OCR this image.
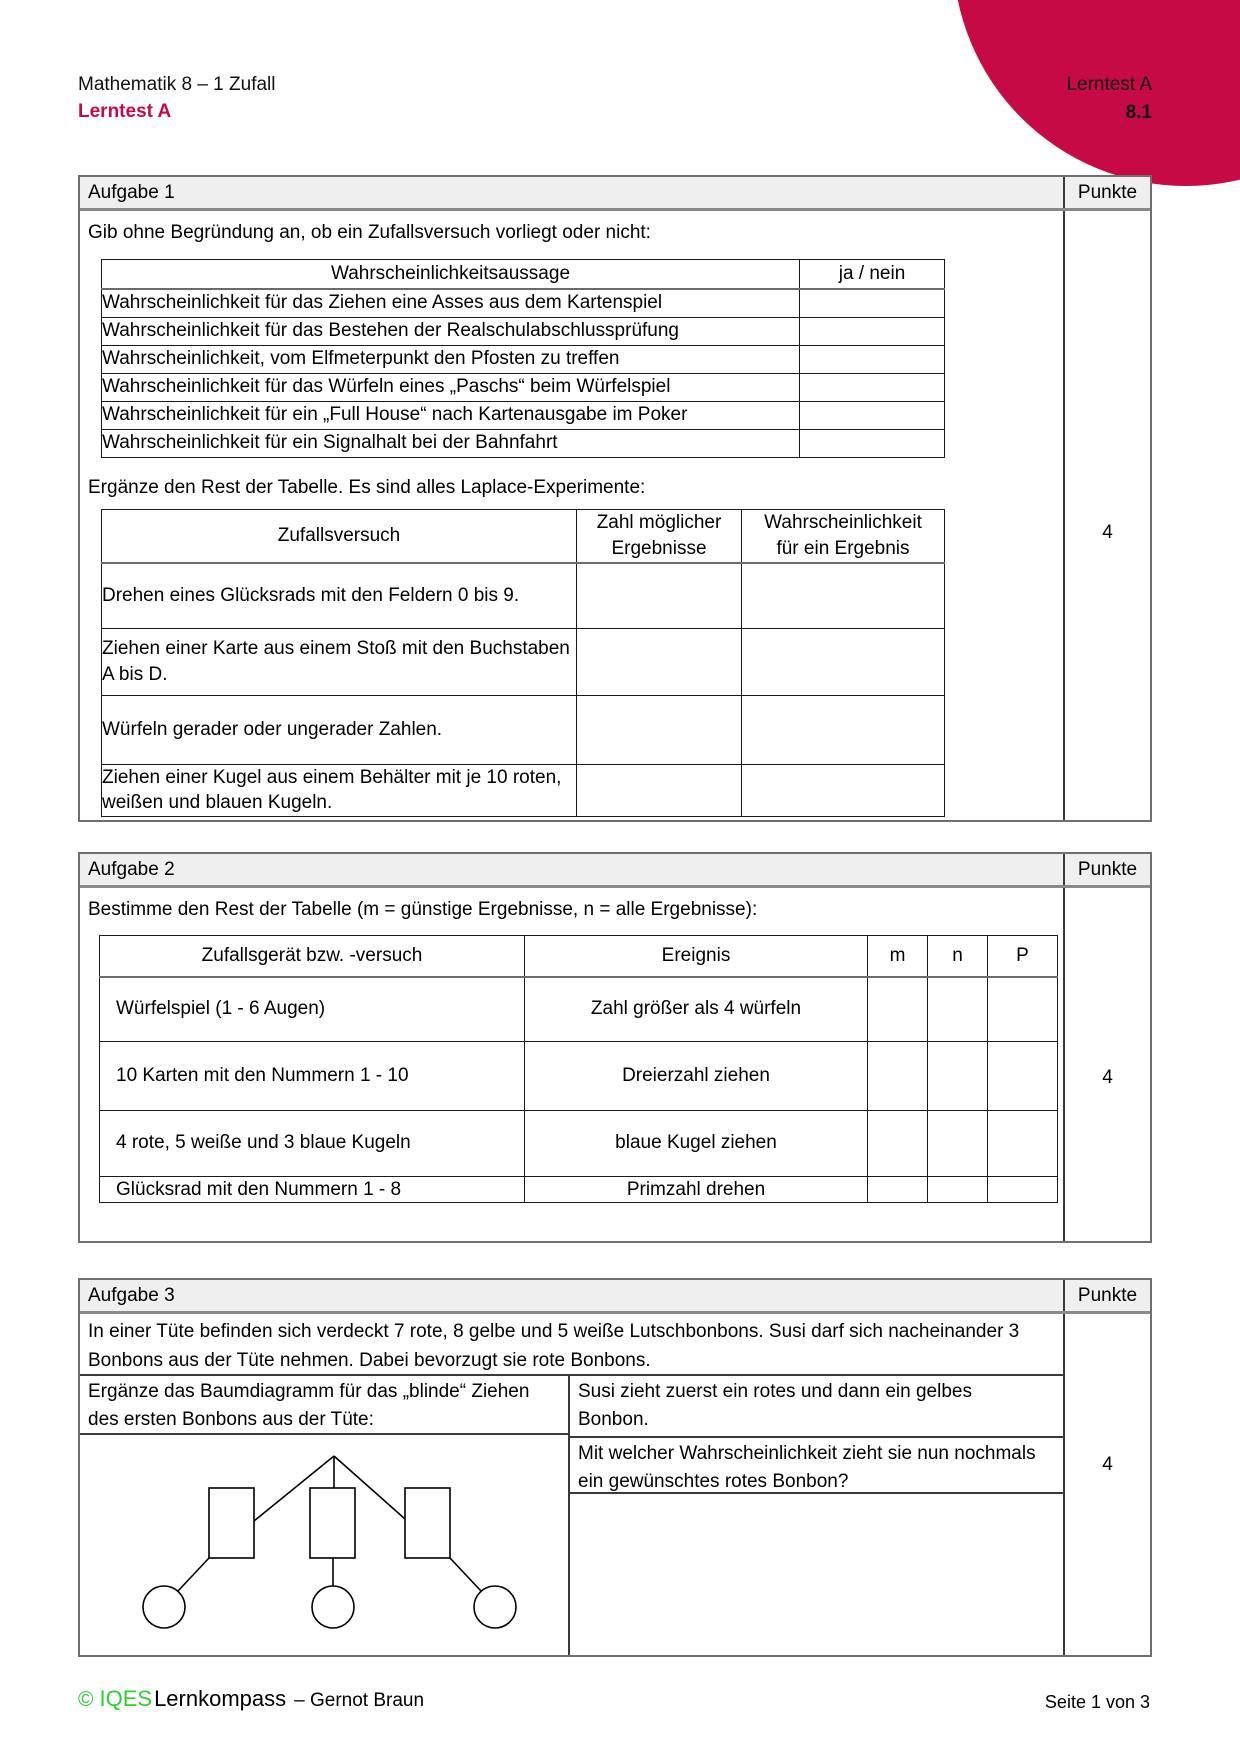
Lerntest A
8.1
Mathematik 8 – 1 Zufall
Lerntest A
Aufgabe 1	Punkte
Gib ohne Begründung an, ob ein Zufallsversuch vorliegt oder nicht:
Wahrscheinlichkeitsaussage	ja / nein
Wahrscheinlichkeit für das Ziehen eine Asses aus dem Kartenspiel	
Wahrscheinlichkeit für das Bestehen der Realschulabschlussprüfung	
Wahrscheinlichkeit, vom Elfmeterpunkt den Pfosten zu treffen	
Wahrscheinlichkeit für das Würfeln eines „Paschs“ beim Würfelspiel	
Wahrscheinlichkeit für ein „Full House“ nach Kartenausgabe im Poker	
Wahrscheinlichkeit für ein Signalhalt bei der Bahnfahrt	
Ergänze den Rest der Tabelle. Es sind alles Laplace-Experimente:
Zufallsversuch	Zahl möglicher Ergebnisse	Wahrscheinlichkeit für ein Ergebnis
Drehen eines Glücksrads mit den Feldern 0 bis 9.		
Ziehen einer Karte aus einem Stoß mit den Buchstaben A bis D.		
Würfeln gerader oder ungerader Zahlen.		
Ziehen einer Kugel aus einem Behälter mit je 10 roten, weißen und blauen Kugeln.		
4
Aufgabe 2	Punkte
Bestimme den Rest der Tabelle (m = günstige Ergebnisse, n = alle Ergebnisse):
Zufallsgerät bzw. -versuch	Ereignis	m	n	P
Würfelspiel (1 - 6 Augen)	Zahl größer als 4 würfeln			
10 Karten mit den Nummern 1 - 10	Dreierzahl ziehen			
4 rote, 5 weiße und 3 blaue Kugeln	blaue Kugel ziehen			
Glücksrad mit den Nummern 1 - 8	Primzahl drehen			
4
Aufgabe 3	Punkte
In einer Tüte befinden sich verdeckt 7 rote, 8 gelbe und 5 weiße Lutschbonbons. Susi darf sich nacheinander 3 Bonbons aus der Tüte nehmen. Dabei bevorzugt sie rote Bonbons.
Ergänze das Baumdiagramm für das „blinde“ Ziehen des ersten Bonbons aus der Tüte:
Susi zieht zuerst ein rotes und dann ein gelbes Bonbon.
Mit welcher Wahrscheinlichkeit zieht sie nun nochmals ein gewünschtes rotes Bonbon?
4
© IQESLernkompass – Gernot Braun	Seite 1 von 3
